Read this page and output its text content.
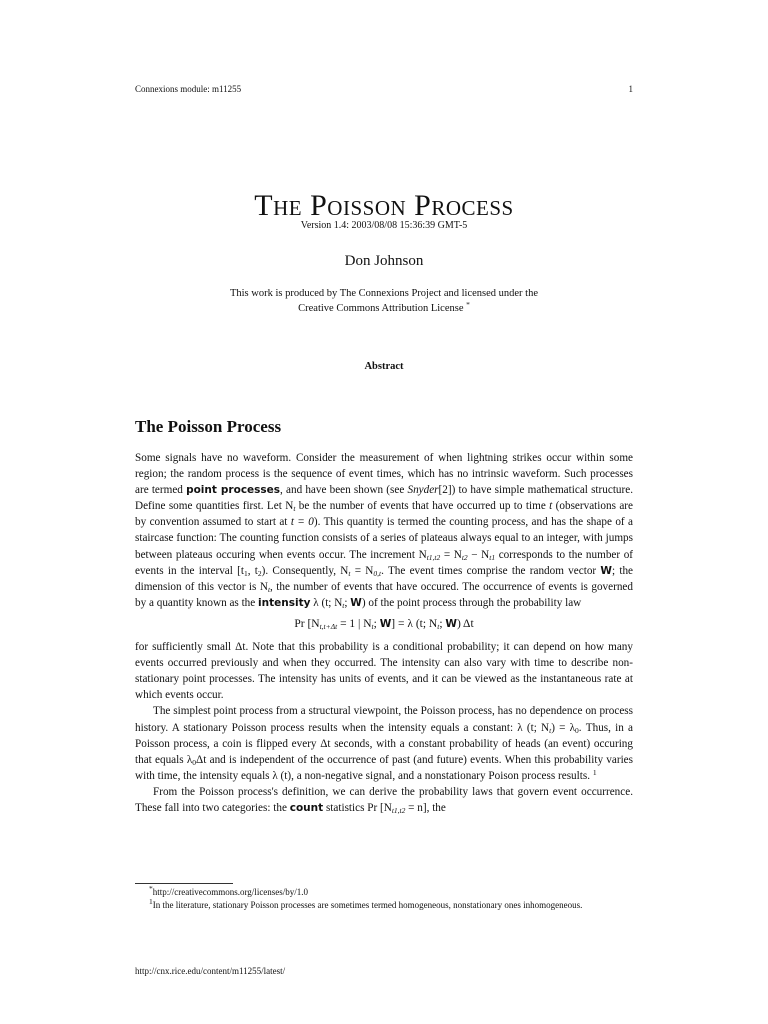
Connexions module: m11255	1
The Poisson Process
Version 1.4: 2003/08/08 15:36:39 GMT-5
Don Johnson
This work is produced by The Connexions Project and licensed under the
Creative Commons Attribution License *
Abstract
The Poisson Process

Some signals have no waveform. Consider the measurement of when lightning strikes occur within some region; the random process is the sequence of event times, which has no intrinsic waveform. Such processes are termed point processes, and have been shown (see Snyder[2]) to have simple mathematical structure. Define some quantities first. Let $N_t$ be the number of events that have occurred up to time t (observations are by convention assumed to start at t = 0). This quantity is termed the counting process, and has the shape of a staircase function: The counting function consists of a series of plateaus always equal to an integer, with jumps between plateaus occuring when events occur. The increment $N_{t1,t2} = N_{t2} - N_{t1}$ corresponds to the number of events in the interval [$t_1$, $t_2$). Consequently, $N_t = N_{0,t}$. The event times comprise the random vector W; the dimension of this vector is $N_t$, the number of events that have occured. The occurrence of events is governed by a quantity known as the intensity λ (t; $N_t$; W) of the point process through the probability law

Pr [$N_{t,t+\Delta t} = 1$ | $N_t$; W] = λ (t; $N_t$; W) Δt

for sufficiently small Δt. Note that this probability is a conditional probability; it can depend on how many events occurred previously and when they occurred. The intensity can also vary with time to describe non-stationary point processes. The intensity has units of events, and it can be viewed as the instantaneous rate at which events occur.

The simplest point process from a structural viewpoint, the Poisson process, has no dependence on process history. A stationary Poisson process results when the intensity equals a constant: λ (t; $N_t) = \lambda_0$. Thus, in a Poisson process, a coin is flipped every Δt seconds, with a constant probability of heads (an event) occuring that equals $\lambda_0\Delta t$ and is independent of the occurrence of past (and future) events. When this probability varies with time, the intensity equals λ (t), a non-negative signal, and a nonstationary Poison process results. $^1$

From the Poisson process's definition, we can derive the probability laws that govern event occurrence. These fall into two categories: the count statistics Pr $[N_{t1,t2} = n]$, the

*http://creativecommons.org/licenses/by/1.0

$^1$In the literature, stationary Poisson processes are sometimes termed homogeneous, nonstationary ones inhomogeneous.

http://cnx.rice.edu/content/m11255/latest/
